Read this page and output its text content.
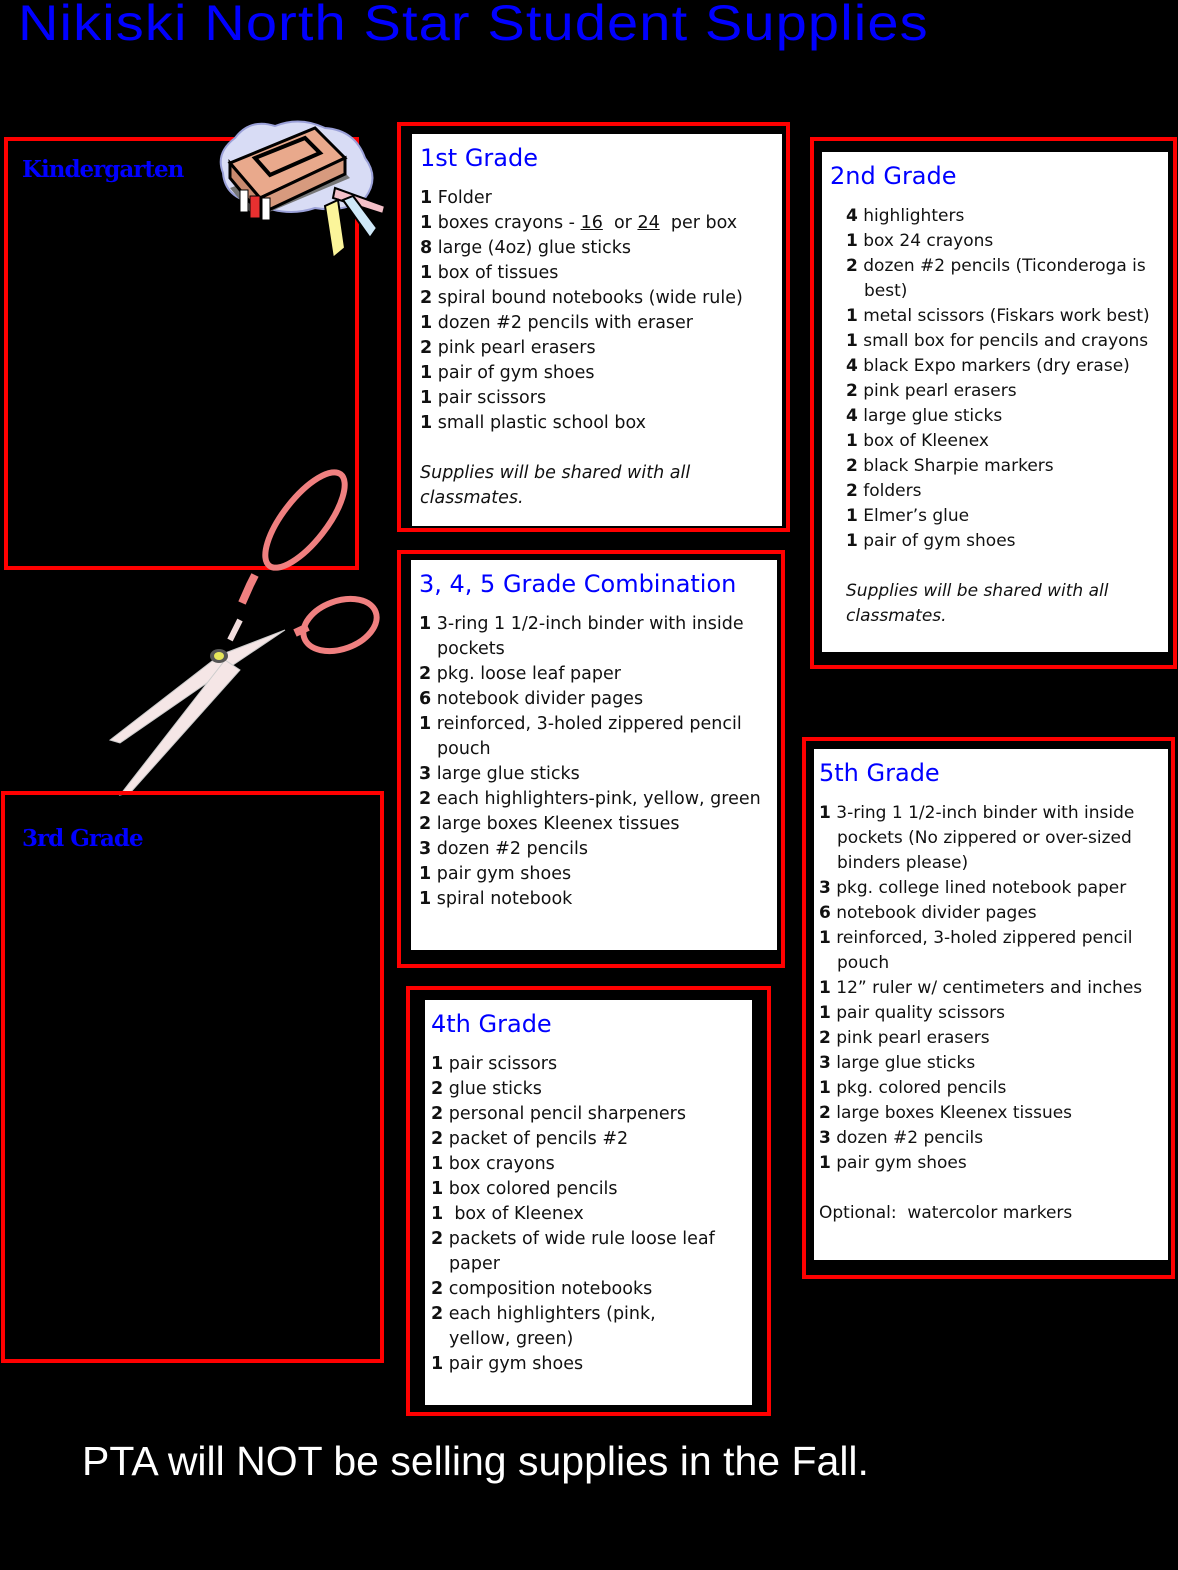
Nikiski North Star Student Supplies
Kindergarten
3rd Grade
1st Grade
1 Folder
1 boxes crayons - 16  or 24  per box
8 large (4oz) glue sticks
1 box of tissues
2 spiral bound notebooks (wide rule)
1 dozen #2 pencils with eraser
2 pink pearl erasers
1 pair of gym shoes
1 pair scissors
1 small plastic school box
Supplies will be shared with all classmates.
2nd Grade
4 highlighters
1 box 24 crayons
2 dozen #2 pencils (Ticonderoga is best)
1 metal scissors (Fiskars work best)
1 small box for pencils and crayons
4 black Expo markers (dry erase)
2 pink pearl erasers
4 large glue sticks
1 box of Kleenex
2 black Sharpie markers
2 folders
1 Elmer’s glue
1 pair of gym shoes
Supplies will be shared with all classmates.
3, 4, 5 Grade Combination
1 3-ring 1 1/2-inch binder with inside pockets
2 pkg. loose leaf paper
6 notebook divider pages
1 reinforced, 3-holed zippered pencil pouch
3 large glue sticks
2 each highlighters-pink, yellow, green
2 large boxes Kleenex tissues
3 dozen #2 pencils
1 pair gym shoes
1 spiral notebook
4th Grade
1 pair scissors
2 glue sticks
2 personal pencil sharpeners
2 packet of pencils #2
1 box crayons
1 box colored pencils
1  box of Kleenex
2 packets of wide rule loose leaf paper
2 composition notebooks
2 each highlighters (pink, yellow, green)
1 pair gym shoes
5th Grade
1 3-ring 1 1/2-inch binder with inside pockets (No zippered or over-sized binders please)
3 pkg. college lined notebook paper
6 notebook divider pages
1 reinforced, 3-holed zippered pencil pouch
1 12” ruler w/ centimeters and inches
1 pair quality scissors
2 pink pearl erasers
3 large glue sticks
1 pkg. colored pencils
2 large boxes Kleenex tissues
3 dozen #2 pencils
1 pair gym shoes
Optional:  watercolor markers
PTA will NOT be selling supplies in the Fall.
